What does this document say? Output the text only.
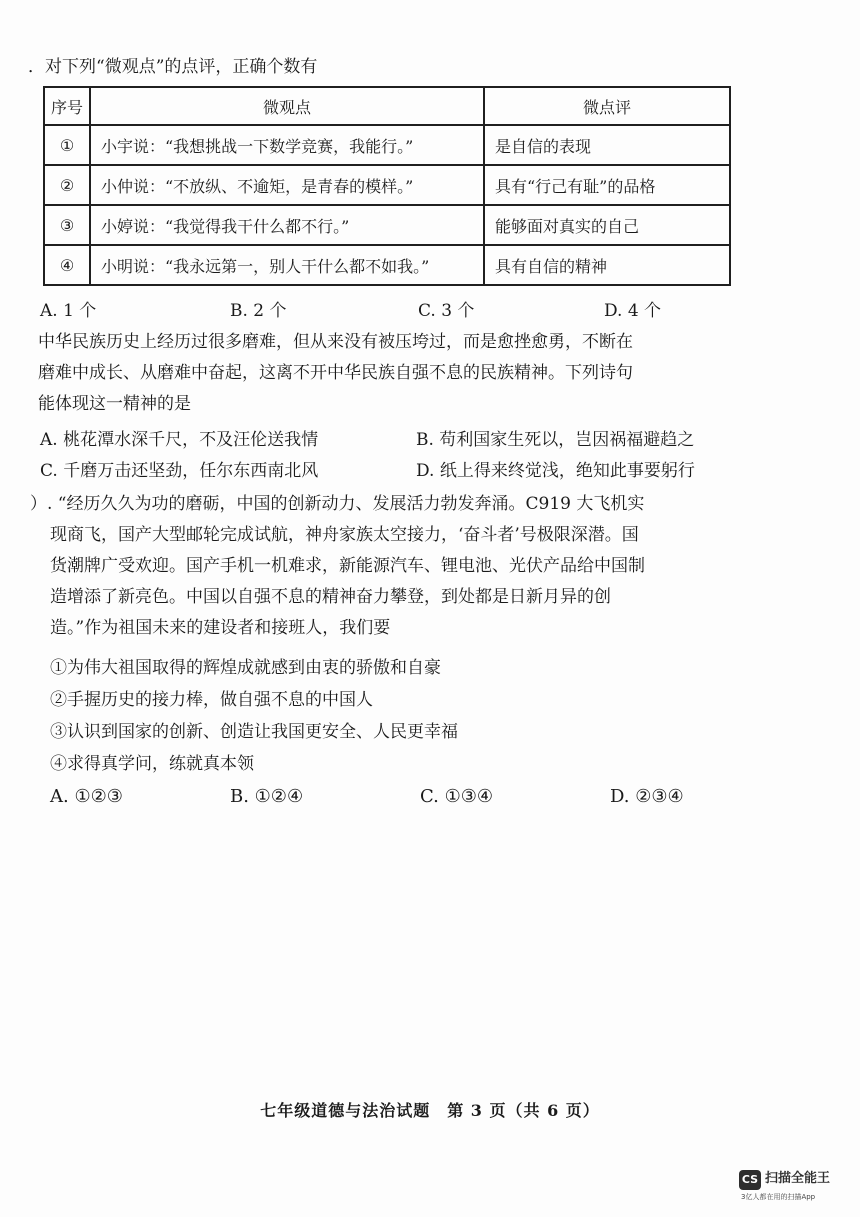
．对下列“微观点”的点评，正确个数有
序号	微观点	微点评
①	小宇说：“我想挑战一下数学竞赛，我能行。”	是自信的表现
②	小仲说：“不放纵、不逾矩，是青春的模样。”	具有“行己有耻”的品格
③	小婷说：“我觉得我干什么都不行。”	能够面对真实的自己
④	小明说：“我永远第一，别人干什么都不如我。”	具有自信的精神
A. 1 个	B. 2 个	C. 3 个	D. 4 个
中华民族历史上经历过很多磨难，但从来没有被压垮过，而是愈挫愈勇，不断在
磨难中成长、从磨难中奋起，这离不开中华民族自强不息的民族精神。下列诗句
能体现这一精神的是
A. 桃花潭水深千尺，不及汪伦送我情	B. 苟利国家生死以，岂因祸福避趋之
C. 千磨万击还坚劲，任尔东西南北风	D. 纸上得来终觉浅，绝知此事要躬行
）. “经历久久为功的磨砺，中国的创新动力、发展活力勃发奔涌。C919 大飞机实
现商飞，国产大型邮轮完成试航，神舟家族太空接力，‘奋斗者’号极限深潜。国
货潮牌广受欢迎。国产手机一机难求，新能源汽车、锂电池、光伏产品给中国制
造增添了新亮色。中国以自强不息的精神奋力攀登，到处都是日新月异的创
造。”作为祖国未来的建设者和接班人，我们要
①为伟大祖国取得的辉煌成就感到由衷的骄傲和自豪
②手握历史的接力棒，做自强不息的中国人
③认识到国家的创新、创造让我国更安全、人民更幸福
④求得真学问，练就真本领
A. ①②③	B. ①②④	C. ①③④	D. ②③④
七年级道德与法治试题　第 3 页（共 6 页）
CS 扫描全能王
3亿人都在用的扫描App
